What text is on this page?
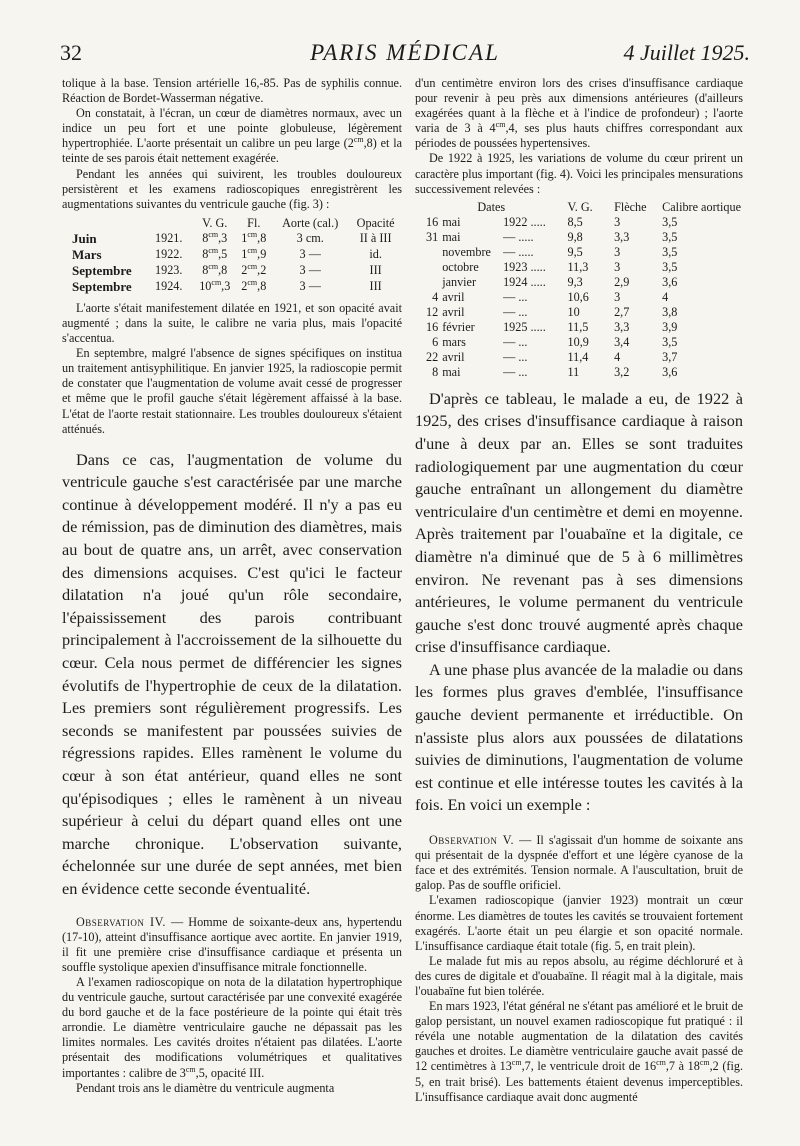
32	PARIS MÉDICAL	4 Juillet 1925.

tolique à la base. Tension artérielle 16,-85. Pas de syphilis connue. Réaction de Bordet-Wasserman négative.

On constatait, à l'écran, un cœur de diamètres normaux, avec un indice un peu fort et une pointe globuleuse, légèrement hypertrophiée. L'aorte présentait un calibre un peu large $(2^{cm},8)$ et la teinte de ses parois était nettement exagérée.

Pendant les années qui suivirent, les troubles douloureux persistèrent et les examens radioscopiques enregistrèrent les augmentations suivantes du ventricule gauche (fig. 3) :

		V. G.	Fl.	Aorte (cal.)	Opacité
Juin	1921.	$8^{cm},3$	$1^{cm},8$	3 cm.	II à III
Mars	1922.	$8^{cm},5$	$1^{cm},9$	3 —	id.
Septembre	1923.	$8^{cm},8$	$2^{cm},2$	3 —	III
Septembre	1924.	$10^{cm},3$	$2^{cm},8$	3 —	III

L'aorte s'était manifestement dilatée en 1921, et son opacité avait augmenté ; dans la suite, le calibre ne varia plus, mais l'opacité s'accentua.

En septembre, malgré l'absence de signes spécifiques on institua un traitement antisyphilitique. En janvier 1925, la radioscopie permit de constater que l'augmentation de volume avait cessé de progresser et même que le profil gauche s'était légèrement affaissé à la base. L'état de l'aorte restait stationnaire. Les troubles douloureux s'étaient atténués.

Dans ce cas, l'augmentation de volume du ventricule gauche s'est caractérisée par une marche continue à développement modéré. Il n'y a pas eu de rémission, pas de diminution des diamètres, mais au bout de quatre ans, un arrêt, avec conservation des dimensions acquises. C'est qu'ici le facteur dilatation n'a joué qu'un rôle secondaire, l'épaississement des parois contribuant principalement à l'accroissement de la silhouette du cœur. Cela nous permet de différencier les signes évolutifs de l'hypertrophie de ceux de la dilatation. Les premiers sont régulièrement progressifs. Les seconds se manifestent par poussées suivies de régressions rapides. Elles ramènent le volume du cœur à son état antérieur, quand elles ne sont qu'épisodiques ; elles le ramènent à un niveau supérieur à celui du départ quand elles ont une marche chronique. L'observation suivante, échelonnée sur une durée de sept années, met bien en évidence cette seconde éventualité.

Observation IV. — Homme de soixante-deux ans, hypertendu (17-10), atteint d'insuffisance aortique avec aortite. En janvier 1919, il fit une première crise d'insuffisance cardiaque et présenta un souffle systolique apexien d'insuffisance mitrale fonctionnelle.

A l'examen radioscopique on nota de la dilatation hypertrophique du ventricule gauche, surtout caractérisée par une convexité exagérée du bord gauche et de la face postérieure de la pointe qui était très arrondie. Le diamètre ventriculaire gauche ne dépassait pas les limites normales. Les cavités droites n'étaient pas dilatées. L'aorte présentait des modifications volumétriques et qualitatives importantes : calibre de $3^{cm},5$, opacité III.

Pendant trois ans le diamètre du ventricule augmenta

d'un centimètre environ lors des crises d'insuffisance cardiaque pour revenir à peu près aux dimensions antérieures (d'ailleurs exagérées quant à la flèche et à l'indice de profondeur) ; l'aorte varia de 3 à $4^{cm},4$, ses plus hauts chiffres correspondant aux périodes de poussées hypertensives.

De 1922 à 1925, les variations de volume du cœur prirent un caractère plus important (fig. 4). Voici les principales mensurations successivement relevées :

Dates			V. G.	Flèche	Calibre aortique
16	mai	1922 .....	8,5	3	3,5
31	mai	— .....	9,8	3,3	3,5
	novembre	— .....	9,5	3	3,5
	octobre	1923 .....	11,3	3	3,5
	janvier	1924 .....	9,3	2,9	3,6
4	avril	— ...	10,6	3	4
12	avril	— ...	10	2,7	3,8
16	février	1925 .....	11,5	3,3	3,9
6	mars	— ...	10,9	3,4	3,5
22	avril	— ...	11,4	4	3,7
8	mai	— ...	11	3,2	3,6

D'après ce tableau, le malade a eu, de 1922 à 1925, des crises d'insuffisance cardiaque à raison d'une à deux par an. Elles se sont traduites radiologiquement par une augmentation du cœur gauche entraînant un allongement du diamètre ventriculaire d'un centimètre et demi en moyenne. Après traitement par l'ouabaïne et la digitale, ce diamètre n'a diminué que de 5 à 6 millimètres environ. Ne revenant pas à ses dimensions antérieures, le volume permanent du ventricule gauche s'est donc trouvé augmenté après chaque crise d'insuffisance cardiaque.

A une phase plus avancée de la maladie ou dans les formes plus graves d'emblée, l'insuffisance gauche devient permanente et irréductible. On n'assiste plus alors aux poussées de dilatations suivies de diminutions, l'augmentation de volume est continue et elle intéresse toutes les cavités à la fois. En voici un exemple :

Observation V. — Il s'agissait d'un homme de soixante ans qui présentait de la dyspnée d'effort et une légère cyanose de la face et des extrémités. Tension normale. A l'auscultation, bruit de galop. Pas de souffle orificiel.

L'examen radioscopique (janvier 1923) montrait un cœur énorme. Les diamètres de toutes les cavités se trouvaient fortement exagérés. L'aorte était un peu élargie et son opacité normale. L'insuffisance cardiaque était totale (fig. 5, en trait plein).

Le malade fut mis au repos absolu, au régime déchloruré et à des cures de digitale et d'ouabaïne. Il réagit mal à la digitale, mais l'ouabaïne fut bien tolérée.

En mars 1923, l'état général ne s'étant pas amélioré et le bruit de galop persistant, un nouvel examen radioscopique fut pratiqué : il révéla une notable augmentation de la dilatation des cavités gauches et droites. Le diamètre ventriculaire gauche avait passé de 12 centimètres à $13^{cm},7$, le ventricule droit de $16^{cm},7$ à $18^{cm},2$ (fig. 5, en trait brisé). Les battements étaient devenus imperceptibles. L'insuffisance cardiaque avait donc augmenté
